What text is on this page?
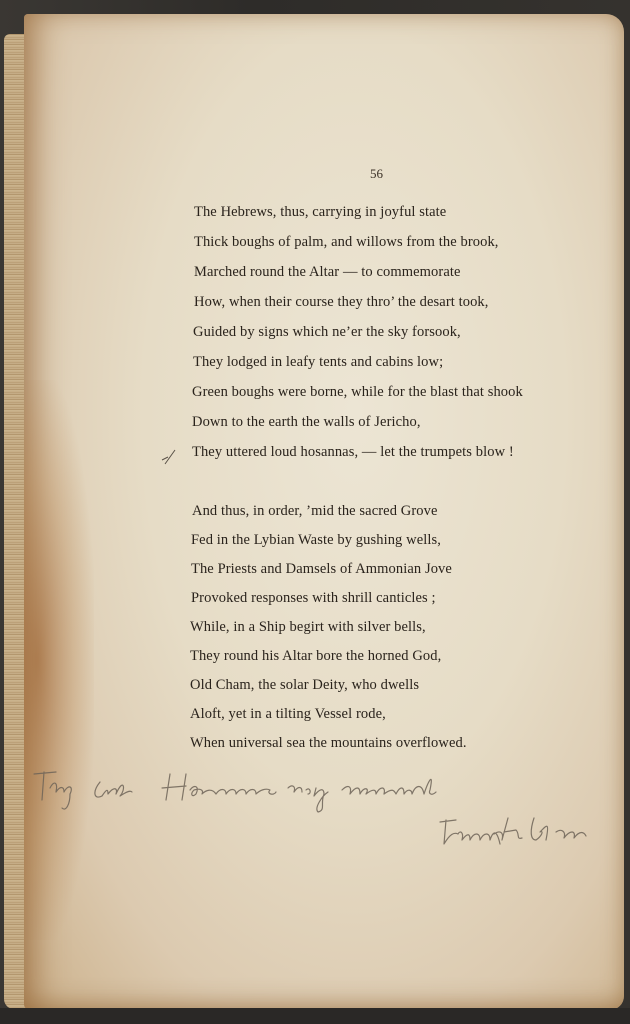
56
The Hebrews, thus, carrying in joyful state
Thick boughs of palm, and willows from the brook,
Marched round the Altar — to commemorate
How, when their course they thro’ the desart took,
Guided by signs which ne’er the sky forsook,
They lodged in leafy tents and cabins low;
Green boughs were borne, while for the blast that shook
Down to the earth the walls of Jericho,
They uttered loud hosannas, — let the trumpets blow !
And thus, in order, ’mid the sacred Grove
Fed in the Lybian Waste by gushing wells,
The Priests and Damsels of Ammonian Jove
Provoked responses with shrill canticles ;
While, in a Ship begirt with silver bells,
They round his Altar bore the horned God,
Old Cham, the solar Deity, who dwells
Aloft, yet in a tilting Vessel rode,
When universal sea the mountains overflowed.
